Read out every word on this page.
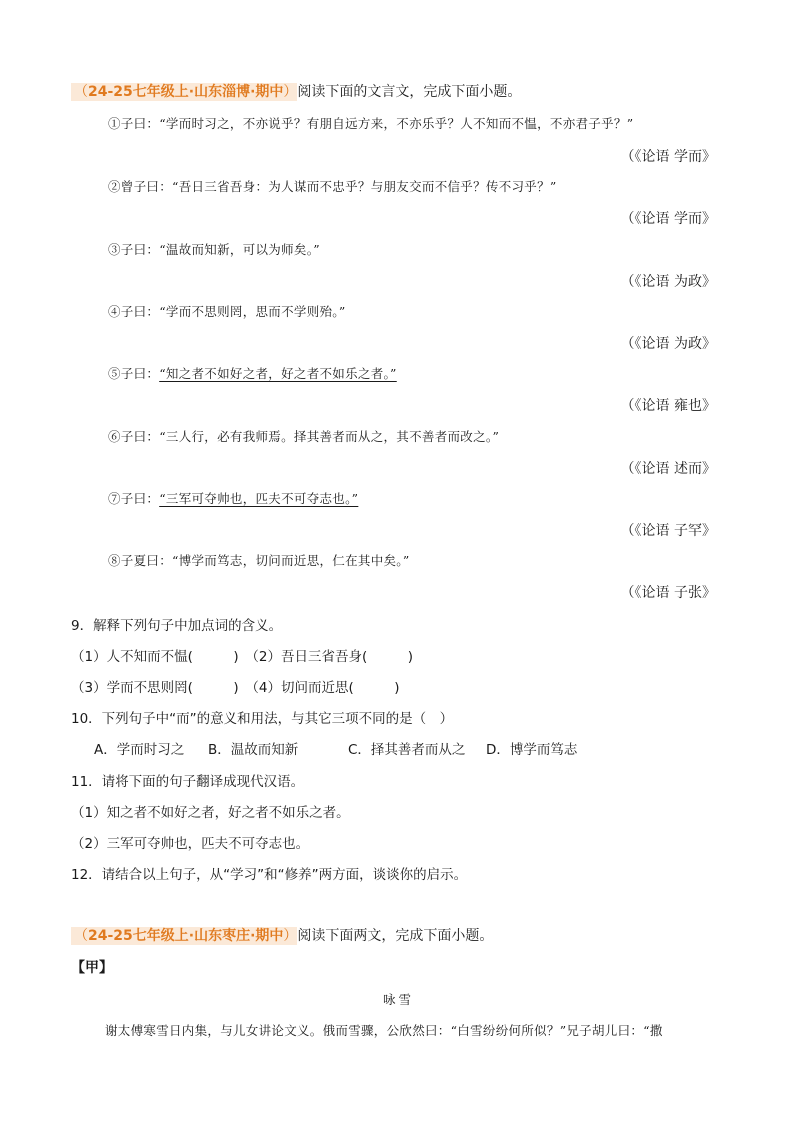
（24-25七年级上·山东淄博·期中）阅读下面的文言文，完成下面小题。
①子曰：“学而时习之，不亦说乎？有朋自远方来，不亦乐乎？人不知而不愠，不亦君子乎？”
（《论语 学而》
②曾子曰：“吾日三省吾身：为人谋而不忠乎？与朋友交而不信乎？传不习乎？”
（《论语 学而》
③子曰：“温故而知新，可以为师矣。”
（《论语 为政》
④子曰：“学而不思则罔，思而不学则殆。”
（《论语 为政》
⑤子曰：“知之者不如好之者，好之者不如乐之者。”
（《论语 雍也》
⑥子曰：“三人行，必有我师焉。择其善者而从之，其不善者而改之。”
（《论语 述而》
⑦子曰：“三军可夺帅也，匹夫不可夺志也。”
（《论语 子罕》
⑧子夏曰：“博学而笃志，切问而近思，仁在其中矣。”
（《论语 子张》
9．解释下列句子中加点词的含义。
（1）人不知而不愠(　　　)　（2）吾日三省吾身(　　　)
（3）学而不思则罔(　　　)　（4）切问而近思(　　　)
10．下列句子中“而”的意义和用法，与其它三项不同的是（　）
A．学而时习之 B．温故而知新	C．择其善者而从之 D．博学而笃志
11．请将下面的句子翻译成现代汉语。
（1）知之者不如好之者，好之者不如乐之者。
（2）三军可夺帅也，匹夫不可夺志也。
12．请结合以上句子，从“学习”和“修养”两方面，谈谈你的启示。
（24-25七年级上·山东枣庄·期中）阅读下面两文，完成下面小题。
【甲】
咏雪
谢太傅寒雪日内集，与儿女讲论文义。俄而雪骤，公欣然曰：“白雪纷纷何所似？”兄子胡儿曰：“撒
